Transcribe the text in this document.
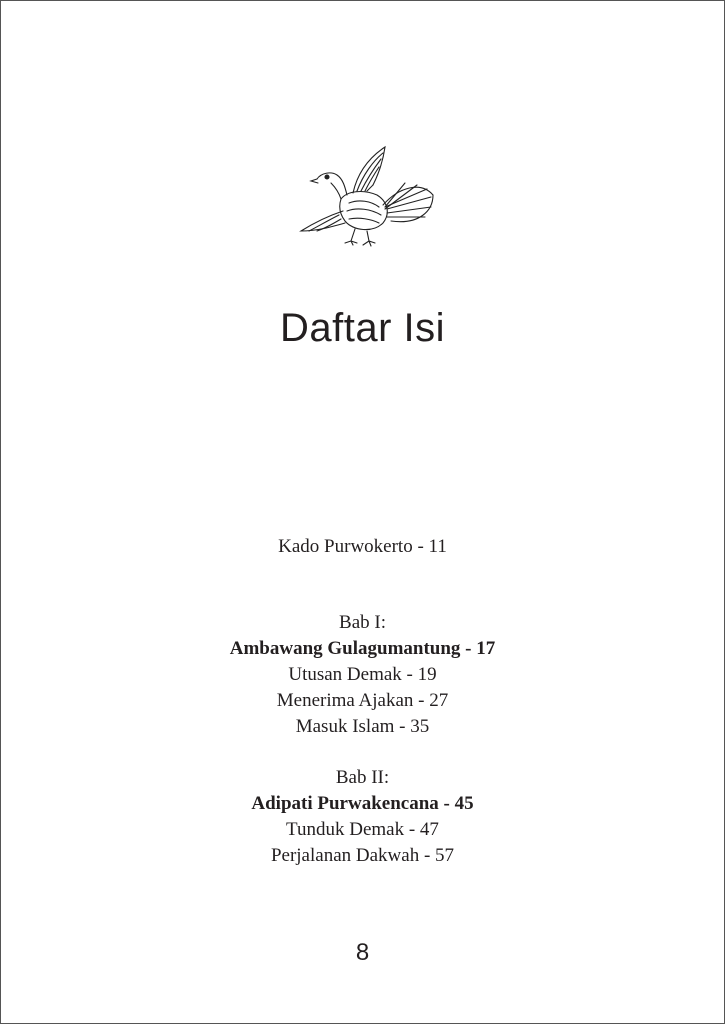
Daftar Isi
Kado Purwokerto - 11
Bab I:
Ambawang Gulagumantung - 17
Utusan Demak - 19
Menerima Ajakan - 27
Masuk Islam - 35
Bab II:
Adipati Purwakencana - 45
Tunduk Demak - 47
Perjalanan Dakwah - 57
8
